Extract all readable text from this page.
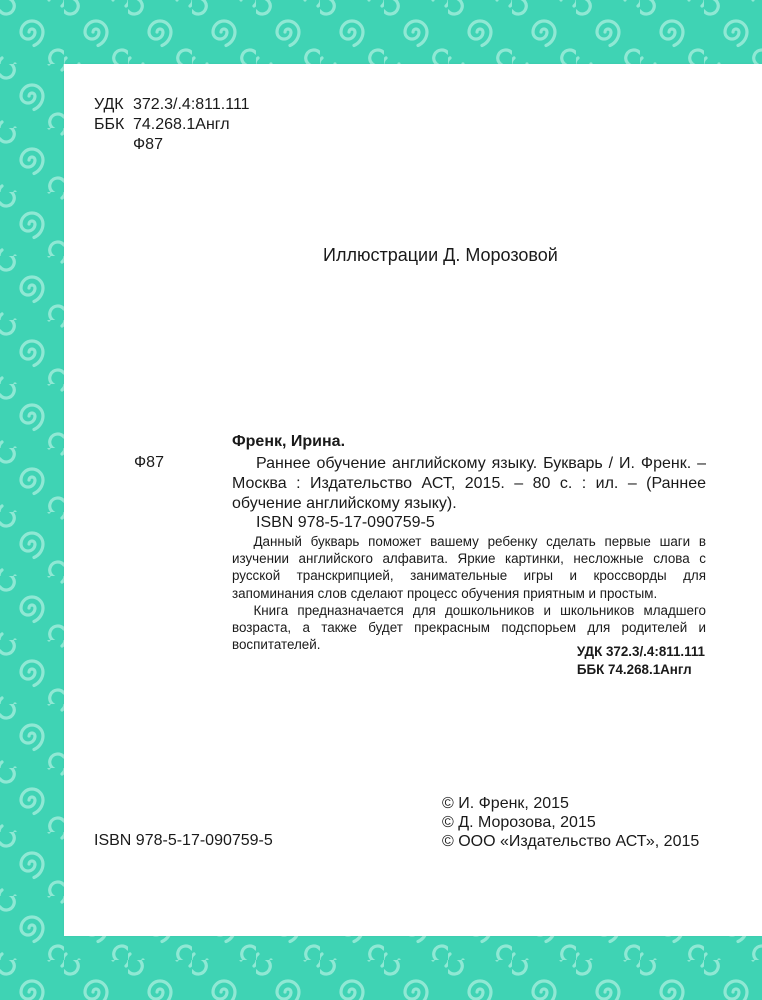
УДК 372.3/.4:811.111
ББК 74.268.1Англ
Ф87
Иллюстрации Д. Морозовой
Френк, Ирина.
Ф87	Раннее обучение английскому языку. Букварь / И. Френк. – Москва : Издательство АСТ, 2015. – 80 с. : ил. – (Раннее обучение английскому языку).

ISBN 978-5-17-090759-5

Данный букварь поможет вашему ребенку сделать первые шаги в изучении английского алфавита. Яркие картинки, несложные слова с русской транскрипцией, занимательные игры и кроссворды для запоминания слов сделают процесс обучения приятным и простым.

Книга предназначается для дошкольников и школьников младшего возраста, а также будет прекрасным подспорьем для родителей и воспитателей.	УДК 372.3/.4:811.111
ББК 74.268.1Англ
ISBN 978-5-17-090759-5
© И. Френк, 2015
© Д. Морозова, 2015
© ООО «Издательство АСТ», 2015
